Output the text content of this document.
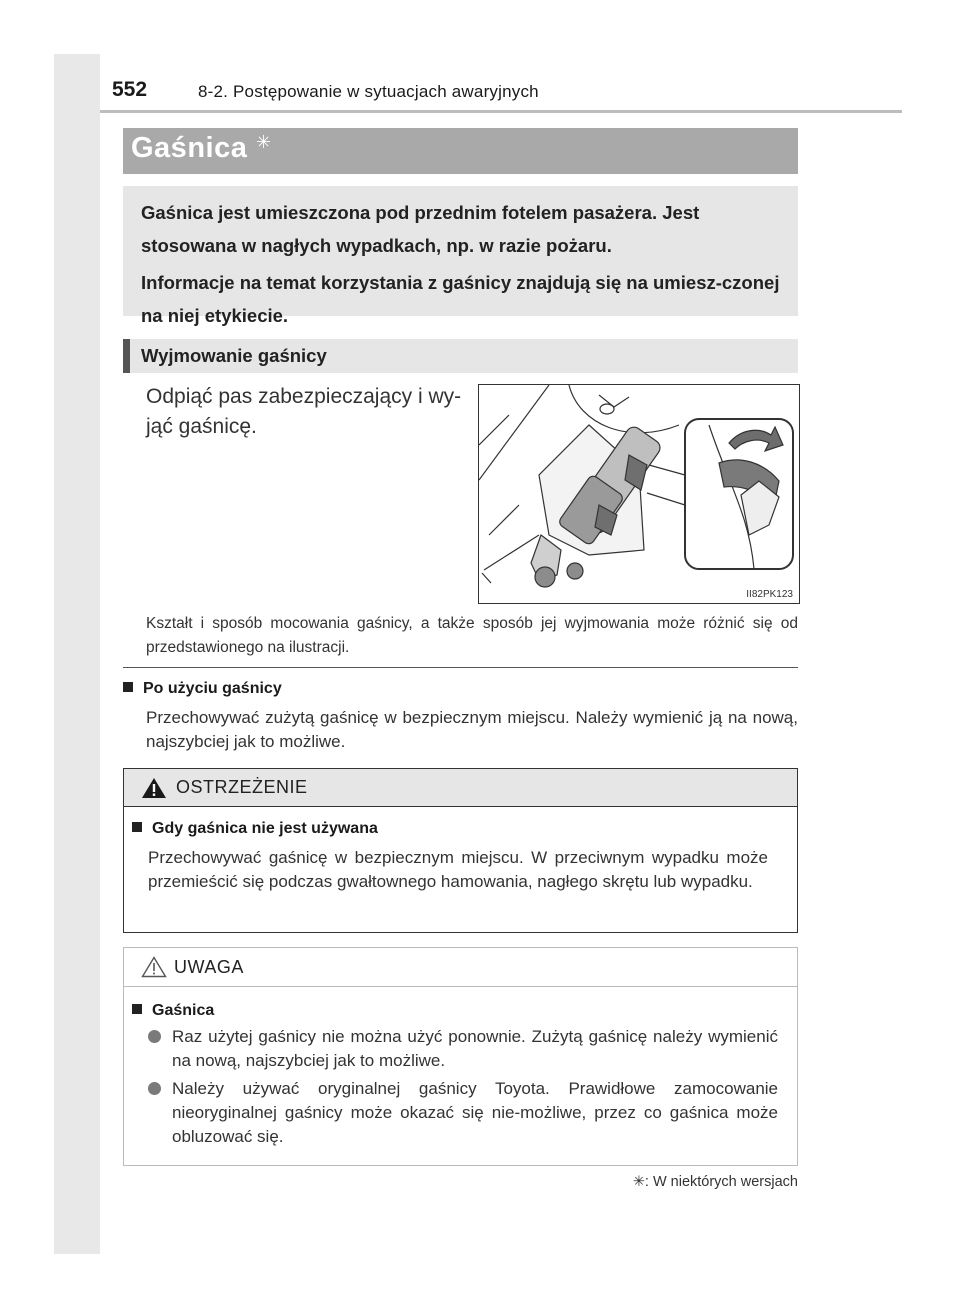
552	8-2. Postępowanie w sytuacjach awaryjnych
Gaśnica ✳

Gaśnica jest umieszczona pod przednim fotelem pasażera. Jest stosowana w nagłych wypadkach, np. w razie pożaru.

Informacje na temat korzystania z gaśnicy znajdują się na umiesz-czonej na niej etykiecie.

Wyjmowanie gaśnicy
Odpiąć pas zabezpieczający i wy-jąć gaśnicę.
II82PK123
Kształt i sposób mocowania gaśnicy, a także sposób jej wyjmowania może różnić się od przedstawionego na ilustracji.
Po użyciu gaśnicy
Przechowywać zużytą gaśnicę w bezpiecznym miejscu. Należy wymienić ją na nową, najszybciej jak to możliwe.
OSTRZEŻENIE
Gdy gaśnica nie jest używana
Przechowywać gaśnicę w bezpiecznym miejscu. W przeciwnym wypadku może przemieścić się podczas gwałtownego hamowania, nagłego skrętu lub wypadku.
UWAGA
Gaśnica
Raz użytej gaśnicy nie można użyć ponownie. Zużytą gaśnicę należy wymienić na nową, najszybciej jak to możliwe.
Należy używać oryginalnej gaśnicy Toyota. Prawidłowe zamocowanie nieoryginalnej gaśnicy może okazać się nie-możliwe, przez co gaśnica może obluzować się.
✳: W niektórych wersjach
